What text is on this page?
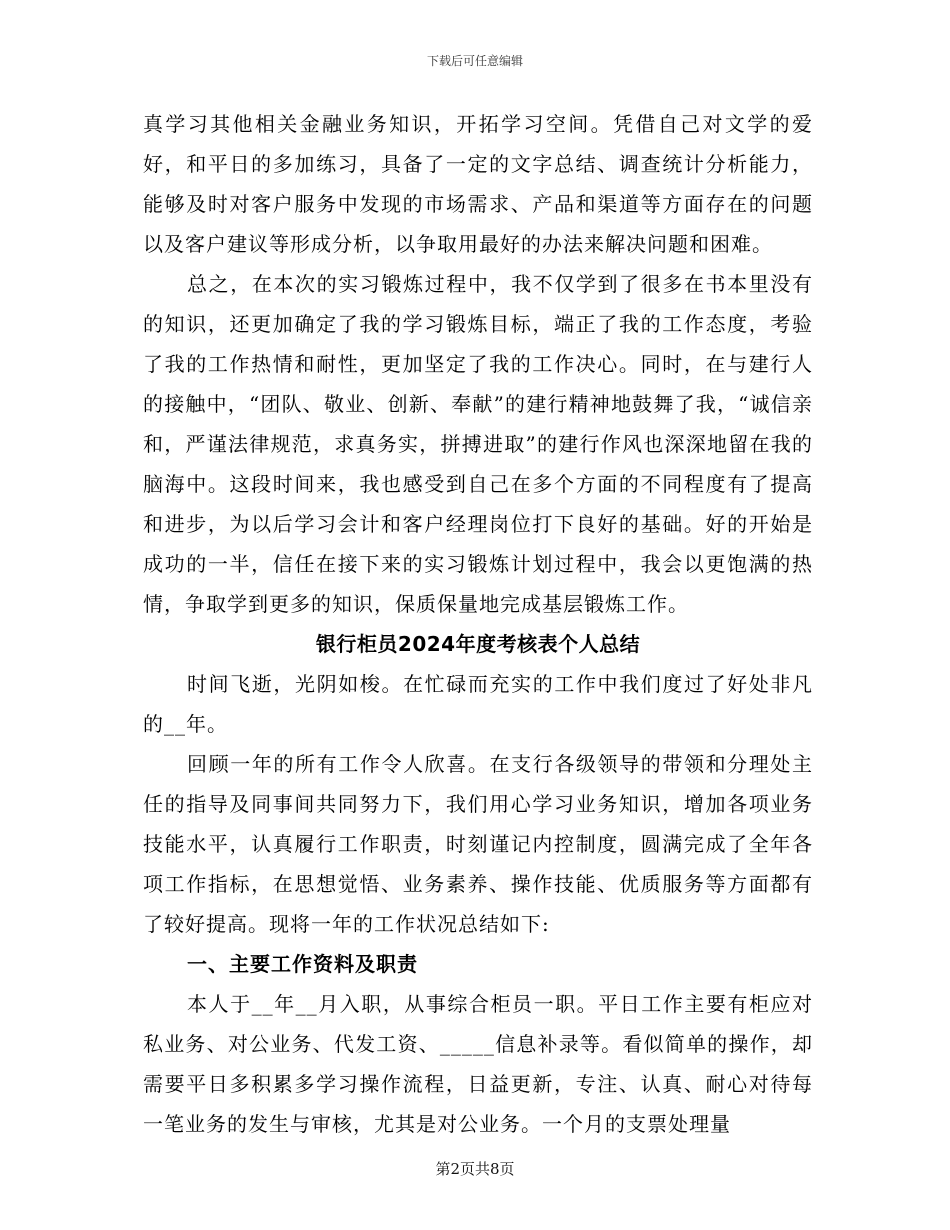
下载后可任意编辑

真学习其他相关金融业务知识，开拓学习空间。凭借自己对文学的爱好，和平日的多加练习，具备了一定的文字总结、调查统计分析能力，能够及时对客户服务中发现的市场需求、产品和渠道等方面存在的问题以及客户建议等形成分析，以争取用最好的办法来解决问题和困难。

总之，在本次的实习锻炼过程中，我不仅学到了很多在书本里没有的知识，还更加确定了我的学习锻炼目标，端正了我的工作态度，考验了我的工作热情和耐性，更加坚定了我的工作决心。同时，在与建行人的接触中，“团队、敬业、创新、奉献”的建行精神地鼓舞了我，“诚信亲和，严谨法律规范，求真务实，拼搏进取”的建行作风也深深地留在我的脑海中。这段时间来，我也感受到自己在多个方面的不同程度有了提高和进步，为以后学习会计和客户经理岗位打下良好的基础。好的开始是成功的一半，信任在接下来的实习锻炼计划过程中，我会以更饱满的热情，争取学到更多的知识，保质保量地完成基层锻炼工作。

银行柜员2024年度考核表个人总结

时间飞逝，光阴如梭。在忙碌而充实的工作中我们度过了好处非凡的__年。

回顾一年的所有工作令人欣喜。在支行各级领导的带领和分理处主任的指导及同事间共同努力下，我们用心学习业务知识，增加各项业务技能水平，认真履行工作职责，时刻谨记内控制度，圆满完成了全年各项工作指标，在思想觉悟、业务素养、操作技能、优质服务等方面都有了较好提高。现将一年的工作状况总结如下:

一、主要工作资料及职责

本人于__年__月入职，从事综合柜员一职。平日工作主要有柜应对私业务、对公业务、代发工资、_____信息补录等。看似简单的操作，却需要平日多积累多学习操作流程，日益更新，专注、认真、耐心对待每一笔业务的发生与审核，尤其是对公业务。一个月的支票处理量

第2页共8页
